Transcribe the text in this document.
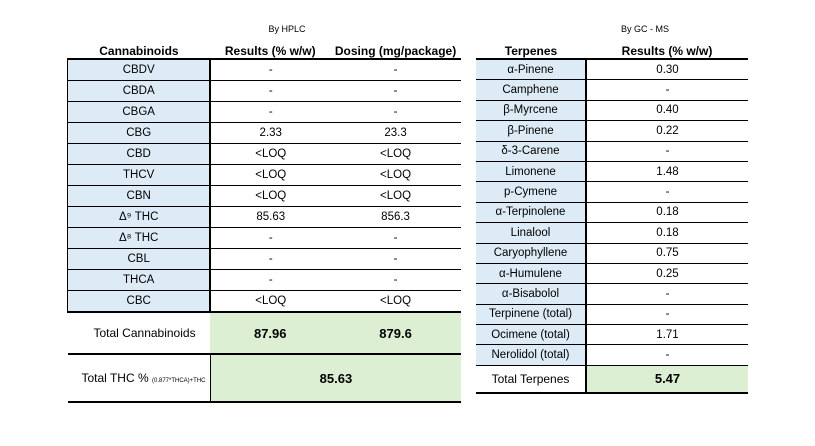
By HPLC	By GC - MS
Cannabinoids	Results (% w/w)	Dosing (mg/package)
CBDV	-	-
CBDA	-	-
CBGA	-	-
CBG	2.33	23.3
CBD	<LOQ	<LOQ
THCV	<LOQ	<LOQ
CBN	<LOQ	<LOQ
Δ⁹ THC	85.63	856.3
Δ⁸ THC	-	-
CBL	-	-
THCA	-	-
CBC	<LOQ	<LOQ
Total Cannabinoids	87.96	879.6
Total THC % (0.877*THCA)+THC	85.63	
Terpenes	Results (% w/w)
α-Pinene	0.30
Camphene	-
β-Myrcene	0.40
β-Pinene	0.22
δ-3-Carene	-
Limonene	1.48
p-Cymene	-
α-Terpinolene	0.18
Linalool	0.18
Caryophyllene	0.75
α-Humulene	0.25
α-Bisabolol	-
Terpinene (total)	-
Ocimene (total)	1.71
Nerolidol (total)	-
Total Terpenes	5.47
